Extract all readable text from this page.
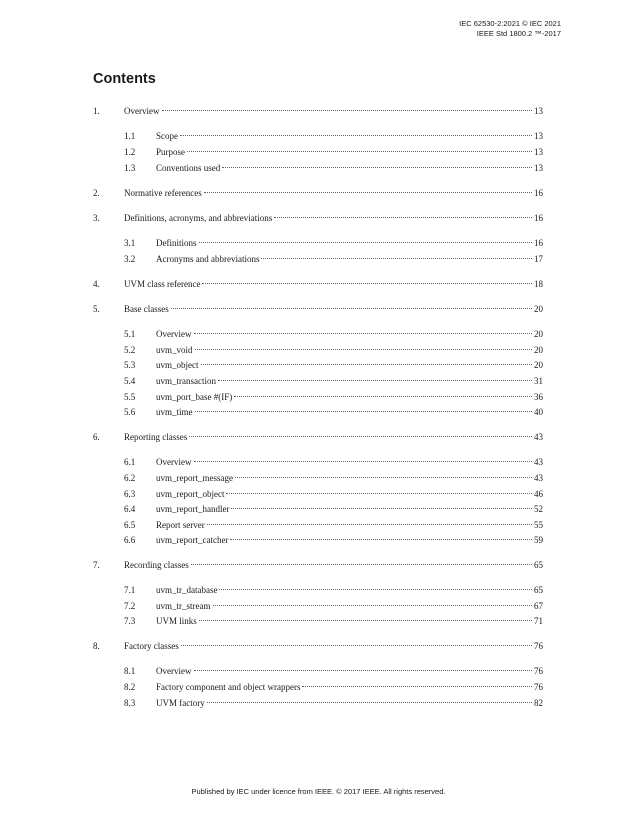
IEC 62530-2:2021 © IEC 2021
IEEE Std 1800.2 ™-2017
Contents
1.	Overview	13
1.1 Scope	13
1.2 Purpose	13
1.3 Conventions used	13
2.	Normative references	16
3.	Definitions, acronyms, and abbreviations	16
3.1 Definitions	16
3.2 Acronyms and abbreviations	17
4.	UVM class reference	18
5.	Base classes	20
5.1 Overview	20
5.2 uvm_void	20
5.3 uvm_object	20
5.4 uvm_transaction	31
5.5 uvm_port_base #(IF)	36
5.6 uvm_time	40
6.	Reporting classes	43
6.1 Overview	43
6.2 uvm_report_message	43
6.3 uvm_report_object	46
6.4 uvm_report_handler	52
6.5 Report server	55
6.6 uvm_report_catcher	59
7.	Recording classes	65
7.1 uvm_tr_database	65
7.2 uvm_tr_stream	67
7.3 UVM links	71
8.	Factory classes	76
8.1 Overview	76
8.2 Factory component and object wrappers	76
8.3 UVM factory	82
Published by IEC under licence from IEEE. © 2017 IEEE. All rights reserved.
